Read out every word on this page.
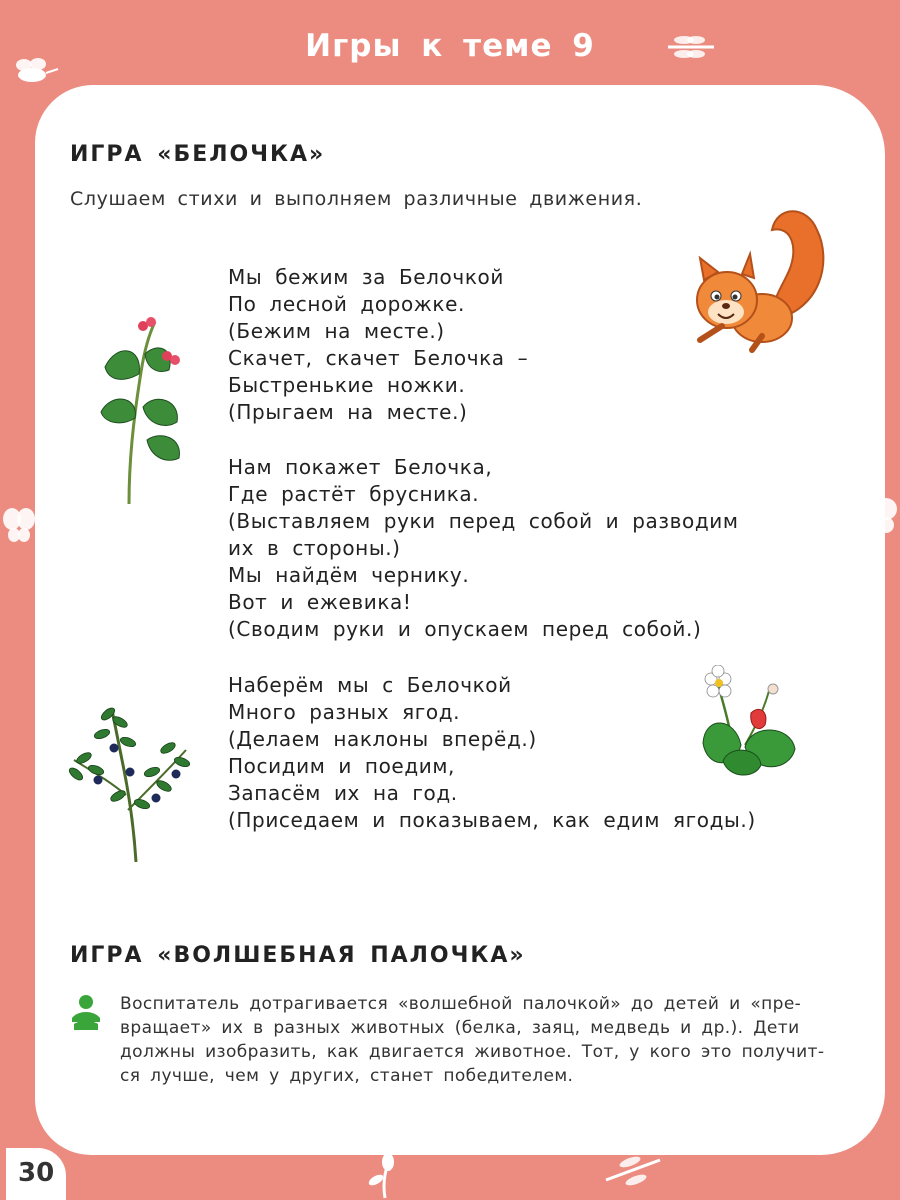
Игры к теме 9
ИГРА «БЕЛОЧКА»

Слушаем стихи и выполняем различные движения.

Мы бежим за Белочкой
По лесной дорожке.
(Бежим на месте.)
Скачет, скачет Белочка –
Быстренькие ножки.
(Прыгаем на месте.)
Нам покажет Белочка,
Где растёт брусника.
(Выставляем руки перед собой и разводим
их в стороны.)
Мы найдём чернику.
Вот и ежевика!
(Сводим руки и опускаем перед собой.)
Наберём мы с Белочкой
Много разных ягод.
(Делаем наклоны вперёд.)
Посидим и поедим,
Запасём их на год.
(Приседаем и показываем, как едим ягоды.)
ИГРА «ВОЛШЕБНАЯ ПАЛОЧКА»
Воспитатель дотрагивается «волшебной палочкой» до детей и «пре-
вращает» их в разных животных (белка, заяц, медведь и др.). Дети
должны изобразить, как двигается животное. Тот, у кого это получит-
ся лучше, чем у других, станет победителем.
30
